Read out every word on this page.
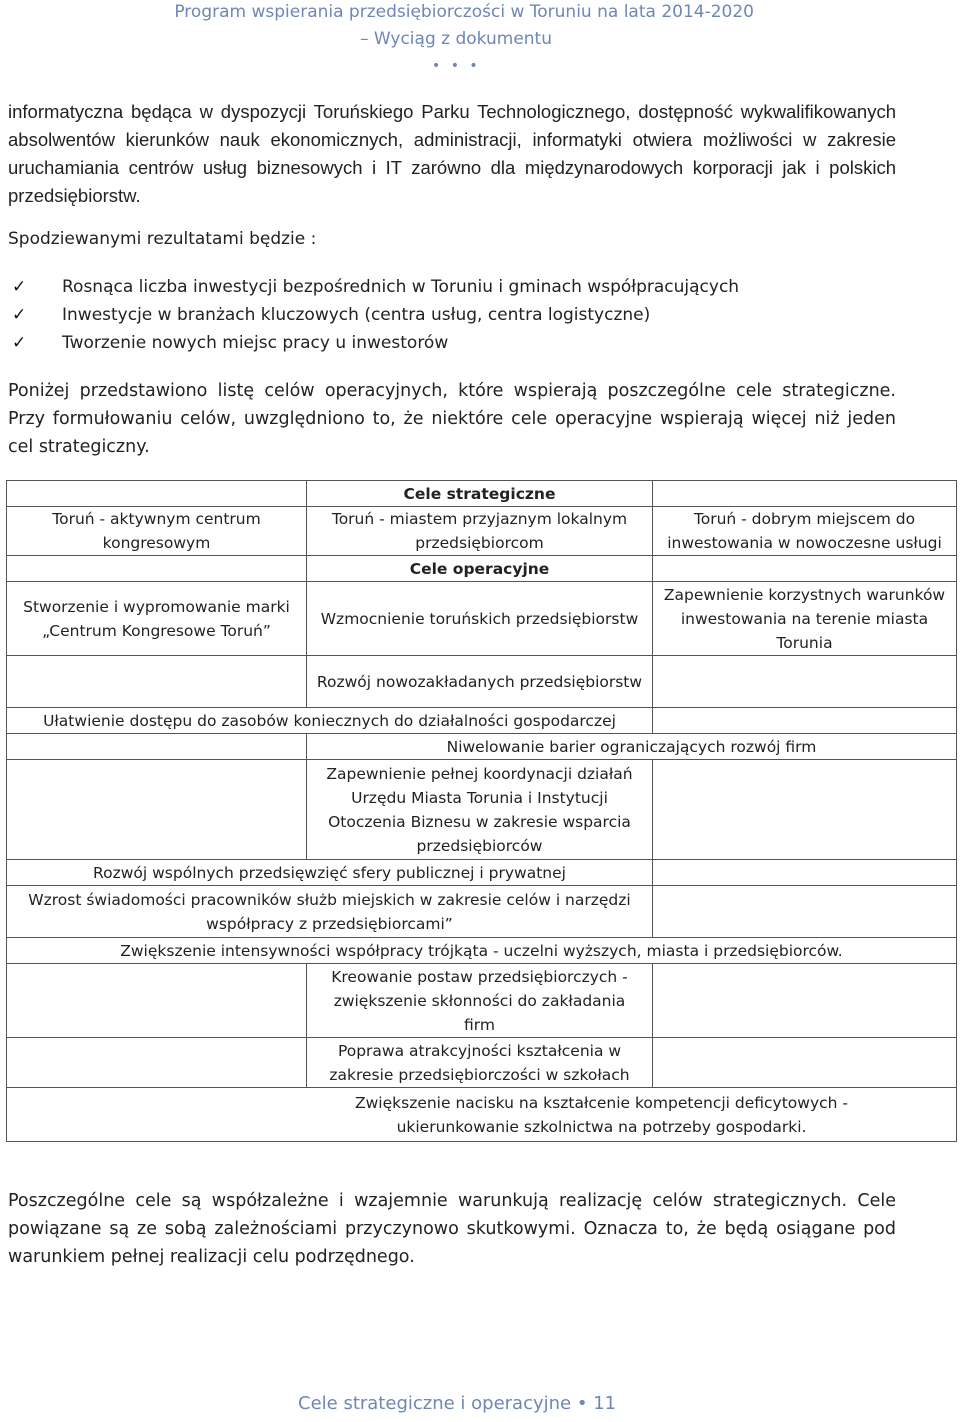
Program wspierania przedsiębiorczości w Toruniu na lata 2014-2020
– Wyciąg z dokumentu
• • •
informatyczna będąca w dyspozycji Toruńskiego Parku Technologicznego, dostępność wykwalifikowanych absolwentów kierunków nauk ekonomicznych, administracji, informatyki otwiera możliwości w zakresie uruchamiania centrów usług biznesowych i IT zarówno dla międzynarodowych korporacji jak i polskich przedsiębiorstw.
Spodziewanymi rezultatami będzie :
✓ Rosnąca liczba inwestycji bezpośrednich w Toruniu i gminach współpracujących
✓ Inwestycje w branżach kluczowych (centra usług, centra logistyczne)
✓ Tworzenie nowych miejsc pracy u inwestorów
Poniżej przedstawiono listę celów operacyjnych, które wspierają poszczególne cele strategiczne. Przy formułowaniu celów, uwzględniono to, że niektóre cele operacyjne wspierają więcej niż jeden cel strategiczny.
	Cele strategiczne	
Toruń - aktywnym centrum kongresowym	Toruń - miastem przyjaznym lokalnym przedsiębiorcom	Toruń - dobrym miejscem do inwestowania w nowoczesne usługi
	Cele operacyjne	
Stworzenie i wypromowanie marki „Centrum Kongresowe Toruń”	Wzmocnienie toruńskich przedsiębiorstw	Zapewnienie korzystnych warunków inwestowania na terenie miasta Torunia
	Rozwój nowozakładanych przedsiębiorstw	
Ułatwienie dostępu do zasobów koniecznych do działalności gospodarczej		
	Niwelowanie barier ograniczających rozwój firm	
	Zapewnienie pełnej koordynacji działań Urzędu Miasta Torunia i Instytucji Otoczenia Biznesu w zakresie wsparcia przedsiębiorców	
Rozwój wspólnych przedsięwzięć sfery publicznej i prywatnej		
Wzrost świadomości pracowników służb miejskich w zakresie celów i narzędzi współpracy z przedsiębiorcami”		
Zwiększenie intensywności współpracy trójkąta - uczelni wyższych, miasta i przedsiębiorców.		
	Kreowanie postaw przedsiębiorczych - zwiększenie skłonności do zakładania firm	
	Poprawa atrakcyjności kształcenia w zakresie przedsiębiorczości w szkołach	
Zwiększenie nacisku na kształcenie kompetencji deficytowych - ukierunkowanie szkolnictwa na potrzeby gospodarki.		
Poszczególne cele są współzależne i wzajemnie warunkują realizację celów strategicznych. Cele powiązane są ze sobą zależnościami przyczynowo skutkowymi. Oznacza to, że będą osiągane pod warunkiem pełnej realizacji celu podrzędnego.
Cele strategiczne i operacyjne • 11
